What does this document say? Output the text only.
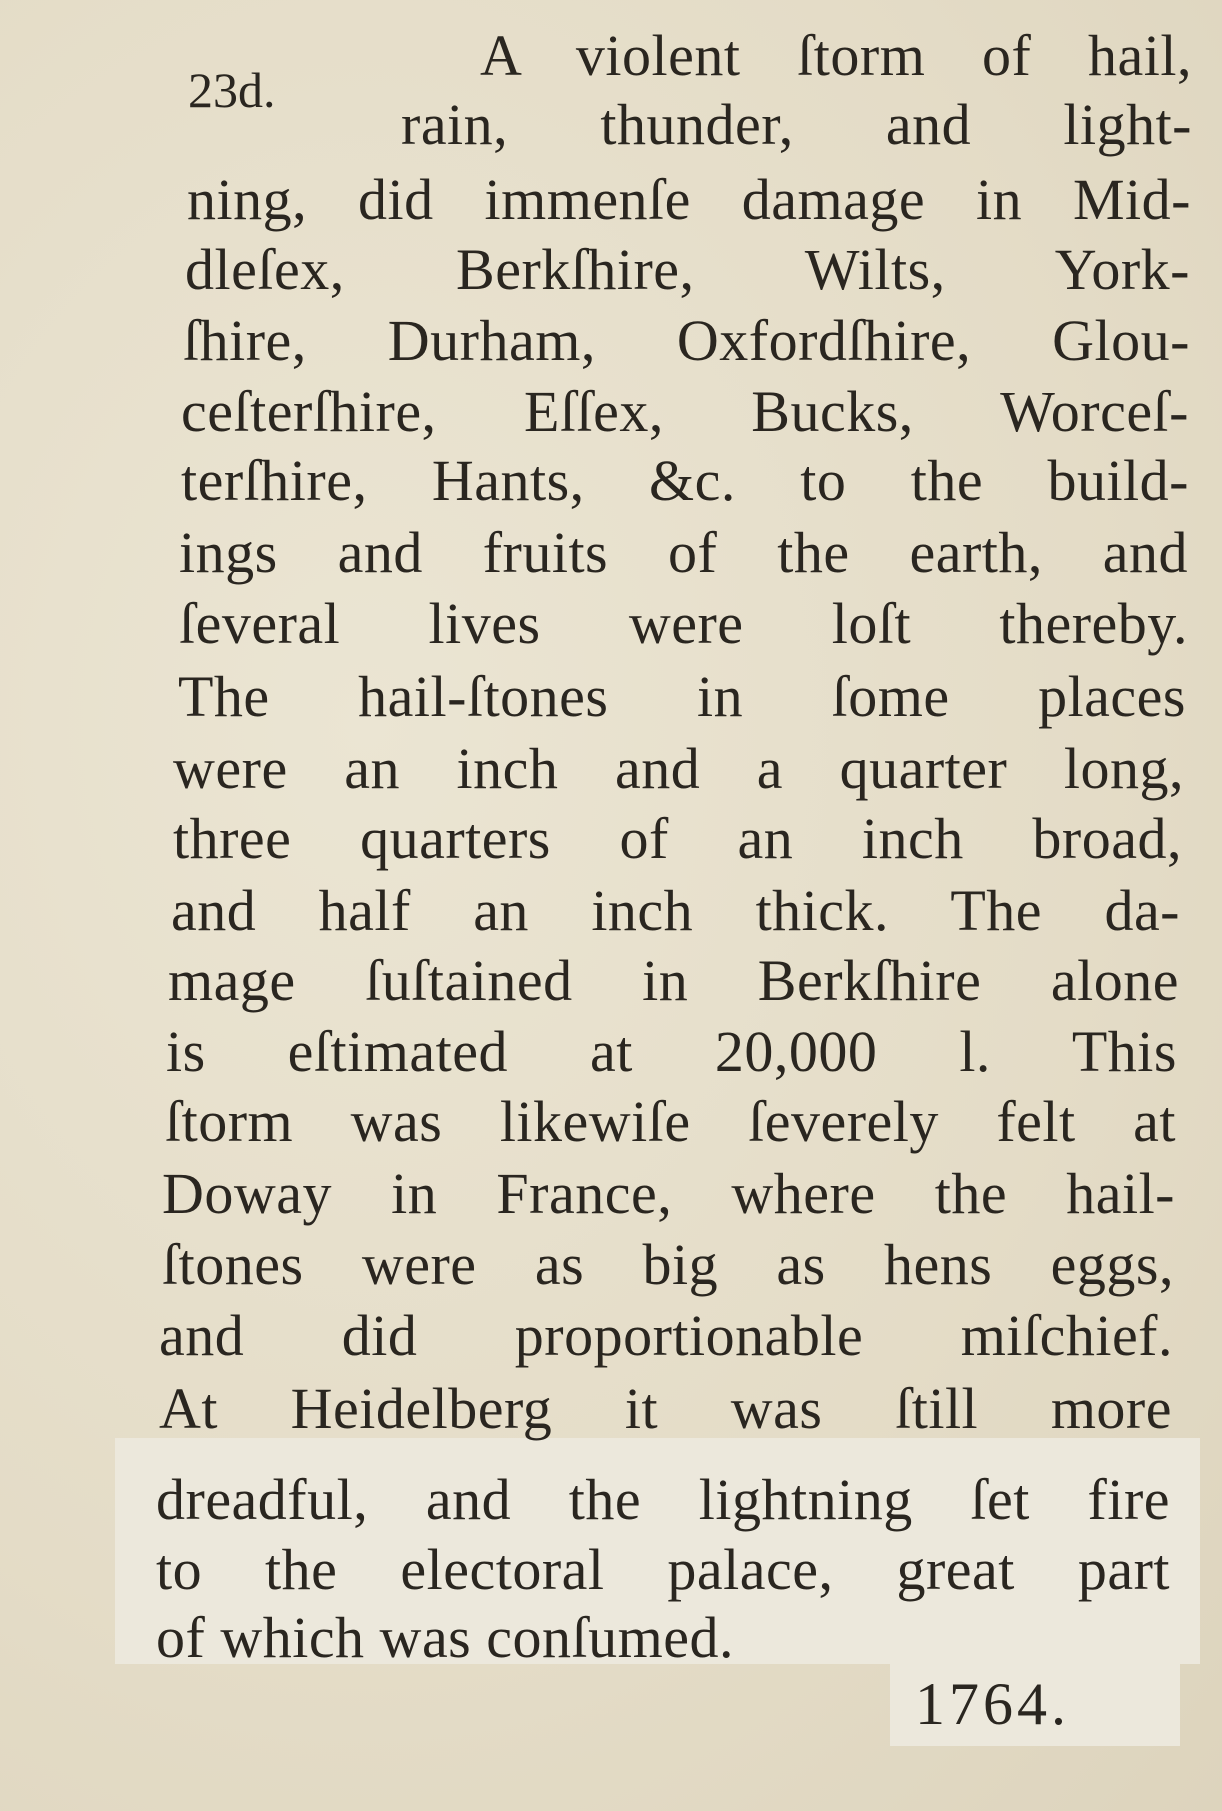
23d.
A violent ſtorm of hail,
rain, thunder, and light-
ning, did immenſe damage in Mid-
dleſex, Berkſhire, Wilts, York-
ſhire, Durham, Oxfordſhire, Glou-
ceſterſhire, Eſſex, Bucks, Worceſ-
terſhire, Hants, &c. to the build-
ings and fruits of the earth, and
ſeveral lives were loſt thereby.
The hail-ſtones in ſome places
were an inch and a quarter long,
three quarters of an inch broad,
and half an inch thick. The da-
mage ſuſtained in Berkſhire alone
is eſtimated at 20,000 l. This
ſtorm was likewiſe ſeverely felt at
Doway in France, where the hail-
ſtones were as big as hens eggs,
and did proportionable miſchief.
At Heidelberg it was ſtill more
dreadful, and the lightning ſet fire
to the electoral palace, great part
of which was conſumed.
1764.
